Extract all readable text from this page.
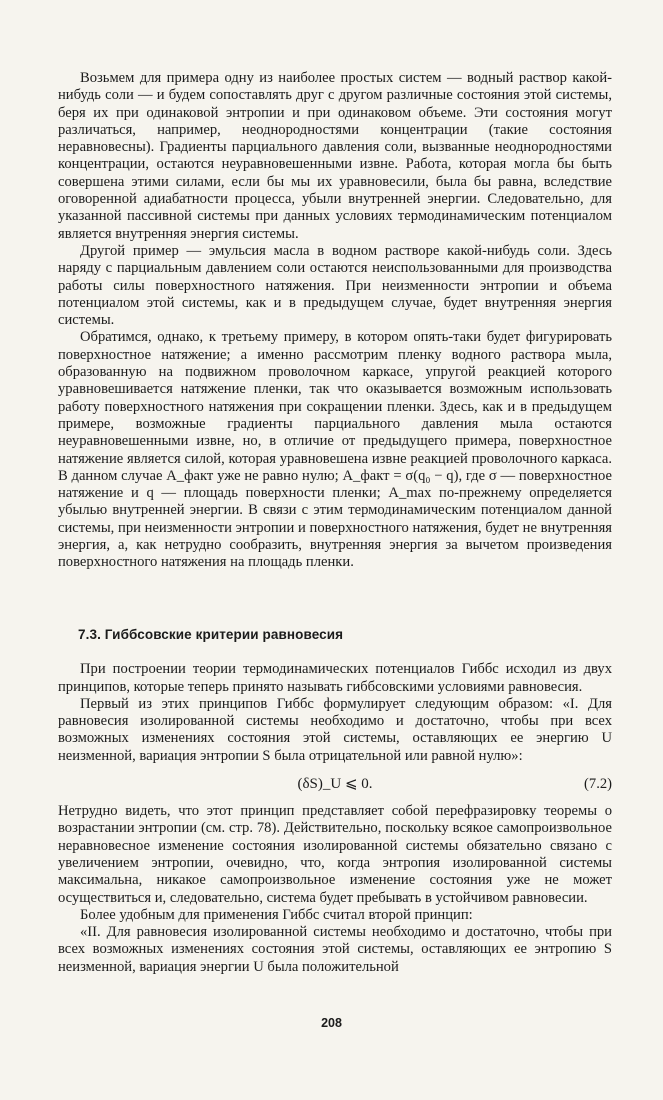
Возьмем для примера одну из наиболее простых систем — водный раствор какой-нибудь соли — и будем сопоставлять друг с другом различные состояния этой системы, беря их при одинаковой энтропии и при одинаковом объеме. Эти состояния могут различаться, например, неоднородностями концентрации (такие состояния неравновесны). Градиенты парциального давления соли, вызванные неоднородностями концентрации, остаются неуравновешенными извне. Работа, которая могла бы быть совершена этими силами, если бы мы их уравновесили, была бы равна, вследствие оговоренной адиабатности процесса, убыли внутренней энергии. Следовательно, для указанной пассивной системы при данных условиях термодинамическим потенциалом является внутренняя энергия системы.

Другой пример — эмульсия масла в водном растворе какой-нибудь соли. Здесь наряду с парциальным давлением соли остаются неиспользованными для производства работы силы поверхностного натяжения. При неизменности энтропии и объема потенциалом этой системы, как и в предыдущем случае, будет внутренняя энергия системы.

Обратимся, однако, к третьему примеру, в котором опять-таки будет фигурировать поверхностное натяжение; а именно рассмотрим пленку водного раствора мыла, образованную на подвижном проволочном каркасе, упругой реакцией которого уравновешивается натяжение пленки, так что оказывается возможным использовать работу поверхностного натяжения при сокращении пленки. Здесь, как и в предыдущем примере, возможные градиенты парциального давления мыла остаются неуравновешенными извне, но, в отличие от предыдущего примера, поверхностное натяжение является силой, которая уравновешена извне реакцией проволочного каркаса. В данном случае A_факт уже не равно нулю; A_факт = σ(q₀ − q), где σ — поверхностное натяжение и q — площадь поверхности пленки; A_max по-прежнему определяется убылью внутренней энергии. В связи с этим термодинамическим потенциалом данной системы, при неизменности энтропии и поверхностного натяжения, будет не внутренняя энергия, а, как нетрудно сообразить, внутренняя энергия за вычетом произведения поверхностного натяжения на площадь пленки.

7.3. Гиббсовские критерии равновесия

При построении теории термодинамических потенциалов Гиббс исходил из двух принципов, которые теперь принято называть гиббсовскими условиями равновесия.

Первый из этих принципов Гиббс формулирует следующим образом: «I. Для равновесия изолированной системы необходимо и достаточно, чтобы при всех возможных изменениях состояния этой системы, оставляющих ее энергию U неизменной, вариация энтропии S была отрицательной или равной нулю»:

(δS)_U ⩽ 0.	(7.2)

Нетрудно видеть, что этот принцип представляет собой перефразировку теоремы о возрастании энтропии (см. стр. 78). Действительно, поскольку всякое самопроизвольное неравновесное изменение состояния изолированной системы обязательно связано с увеличением энтропии, очевидно, что, когда энтропия изолированной системы максимальна, никакое самопроизвольное изменение состояния уже не может осуществиться и, следовательно, система будет пребывать в устойчивом равновесии.

Более удобным для применения Гиббс считал второй принцип:

«II. Для равновесия изолированной системы необходимо и достаточно, чтобы при всех возможных изменениях состояния этой системы, оставляющих ее энтропию S неизменной, вариация энергии U была положительной

208
